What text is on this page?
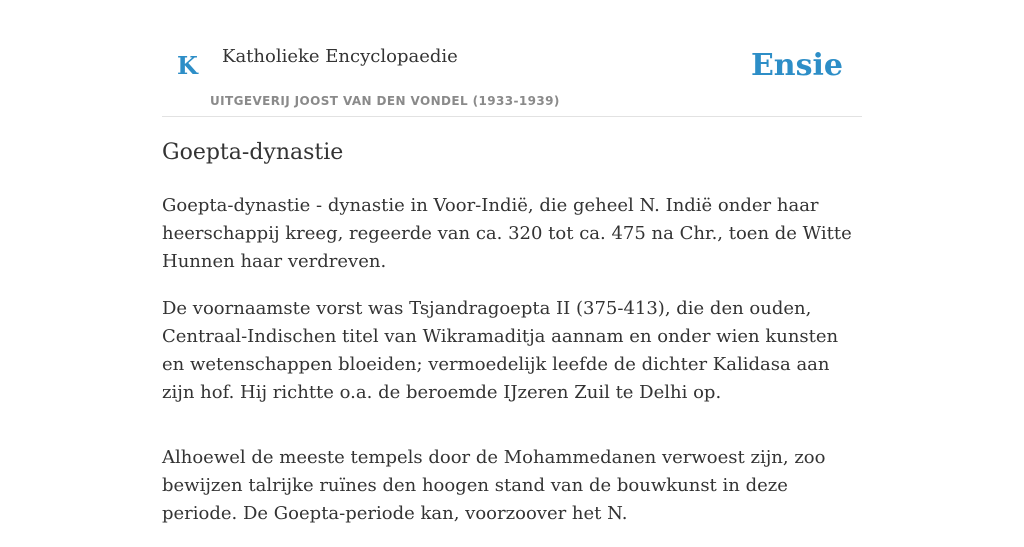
K Katholieke Encyclopaedie
UITGEVERIJ JOOST VAN DEN VONDEL (1933-1939)
Ensie
Goepta-dynastie

Goepta-dynastie - dynastie in Voor-Indië, die geheel N. Indië onder haar heerschappij kreeg, regeerde van ca. 320 tot ca. 475 na Chr., toen de Witte Hunnen haar verdreven.

De voornaamste vorst was Tsjandragoepta II (375-413), die den ouden, Centraal-Indischen titel van Wikramaditja aannam en onder wien kunsten en wetenschappen bloeiden; vermoedelijk leefde de dichter Kalidasa aan zijn hof. Hij richtte o.a. de beroemde IJzeren Zuil te Delhi op.

Alhoewel de meeste tempels door de Mohammedanen verwoest zijn, zoo bewijzen talrijke ruïnes den hoogen stand van de bouwkunst in deze periode. De Goepta-periode kan, voorzoover het N.
